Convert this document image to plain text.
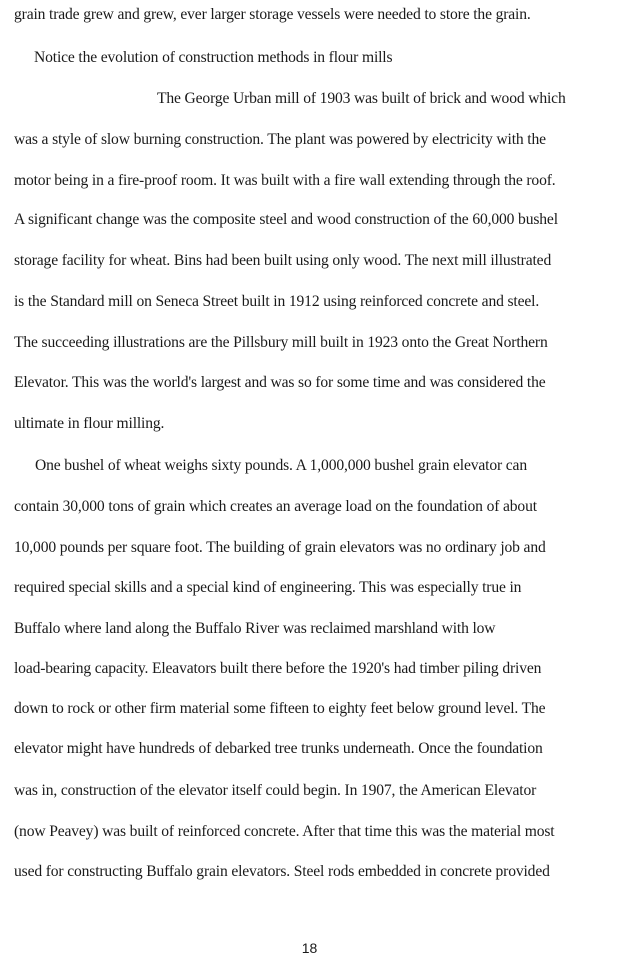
grain trade grew and grew, ever larger storage vessels were needed to store the grain.
Notice the evolution of construction methods in flour mills
The George Urban mill of 1903 was built of brick and wood which
was a style of slow burning construction. The plant was powered by electricity with the
motor being in a fire-proof room. It was built with a fire wall extending through the roof.
A significant change was the composite steel and wood construction of the 60,000 bushel
storage facility for wheat. Bins had been built using only wood. The next mill illustrated
is the Standard mill on Seneca Street built in 1912 using reinforced concrete and steel.
The succeeding illustrations are the Pillsbury mill built in 1923 onto the Great Northern
Elevator. This was the world's largest and was so for some time and was considered the
ultimate in flour milling.
One bushel of wheat weighs sixty pounds. A 1,000,000 bushel grain elevator can
contain 30,000 tons of grain which creates an average load on the foundation of about
10,000 pounds per square foot. The building of grain elevators was no ordinary job and
required special skills and a special kind of engineering. This was especially true in
Buffalo where land along the Buffalo River was reclaimed marshland with low
load-bearing capacity. Eleavators built there before the 1920's had timber piling driven
down to rock or other firm material some fifteen to eighty feet below ground level. The
elevator might have hundreds of debarked tree trunks underneath. Once the foundation
was in, construction of the elevator itself could begin. In 1907, the American Elevator
(now Peavey) was built of reinforced concrete. After that time this was the material most
used for constructing Buffalo grain elevators. Steel rods embedded in concrete provided
18
